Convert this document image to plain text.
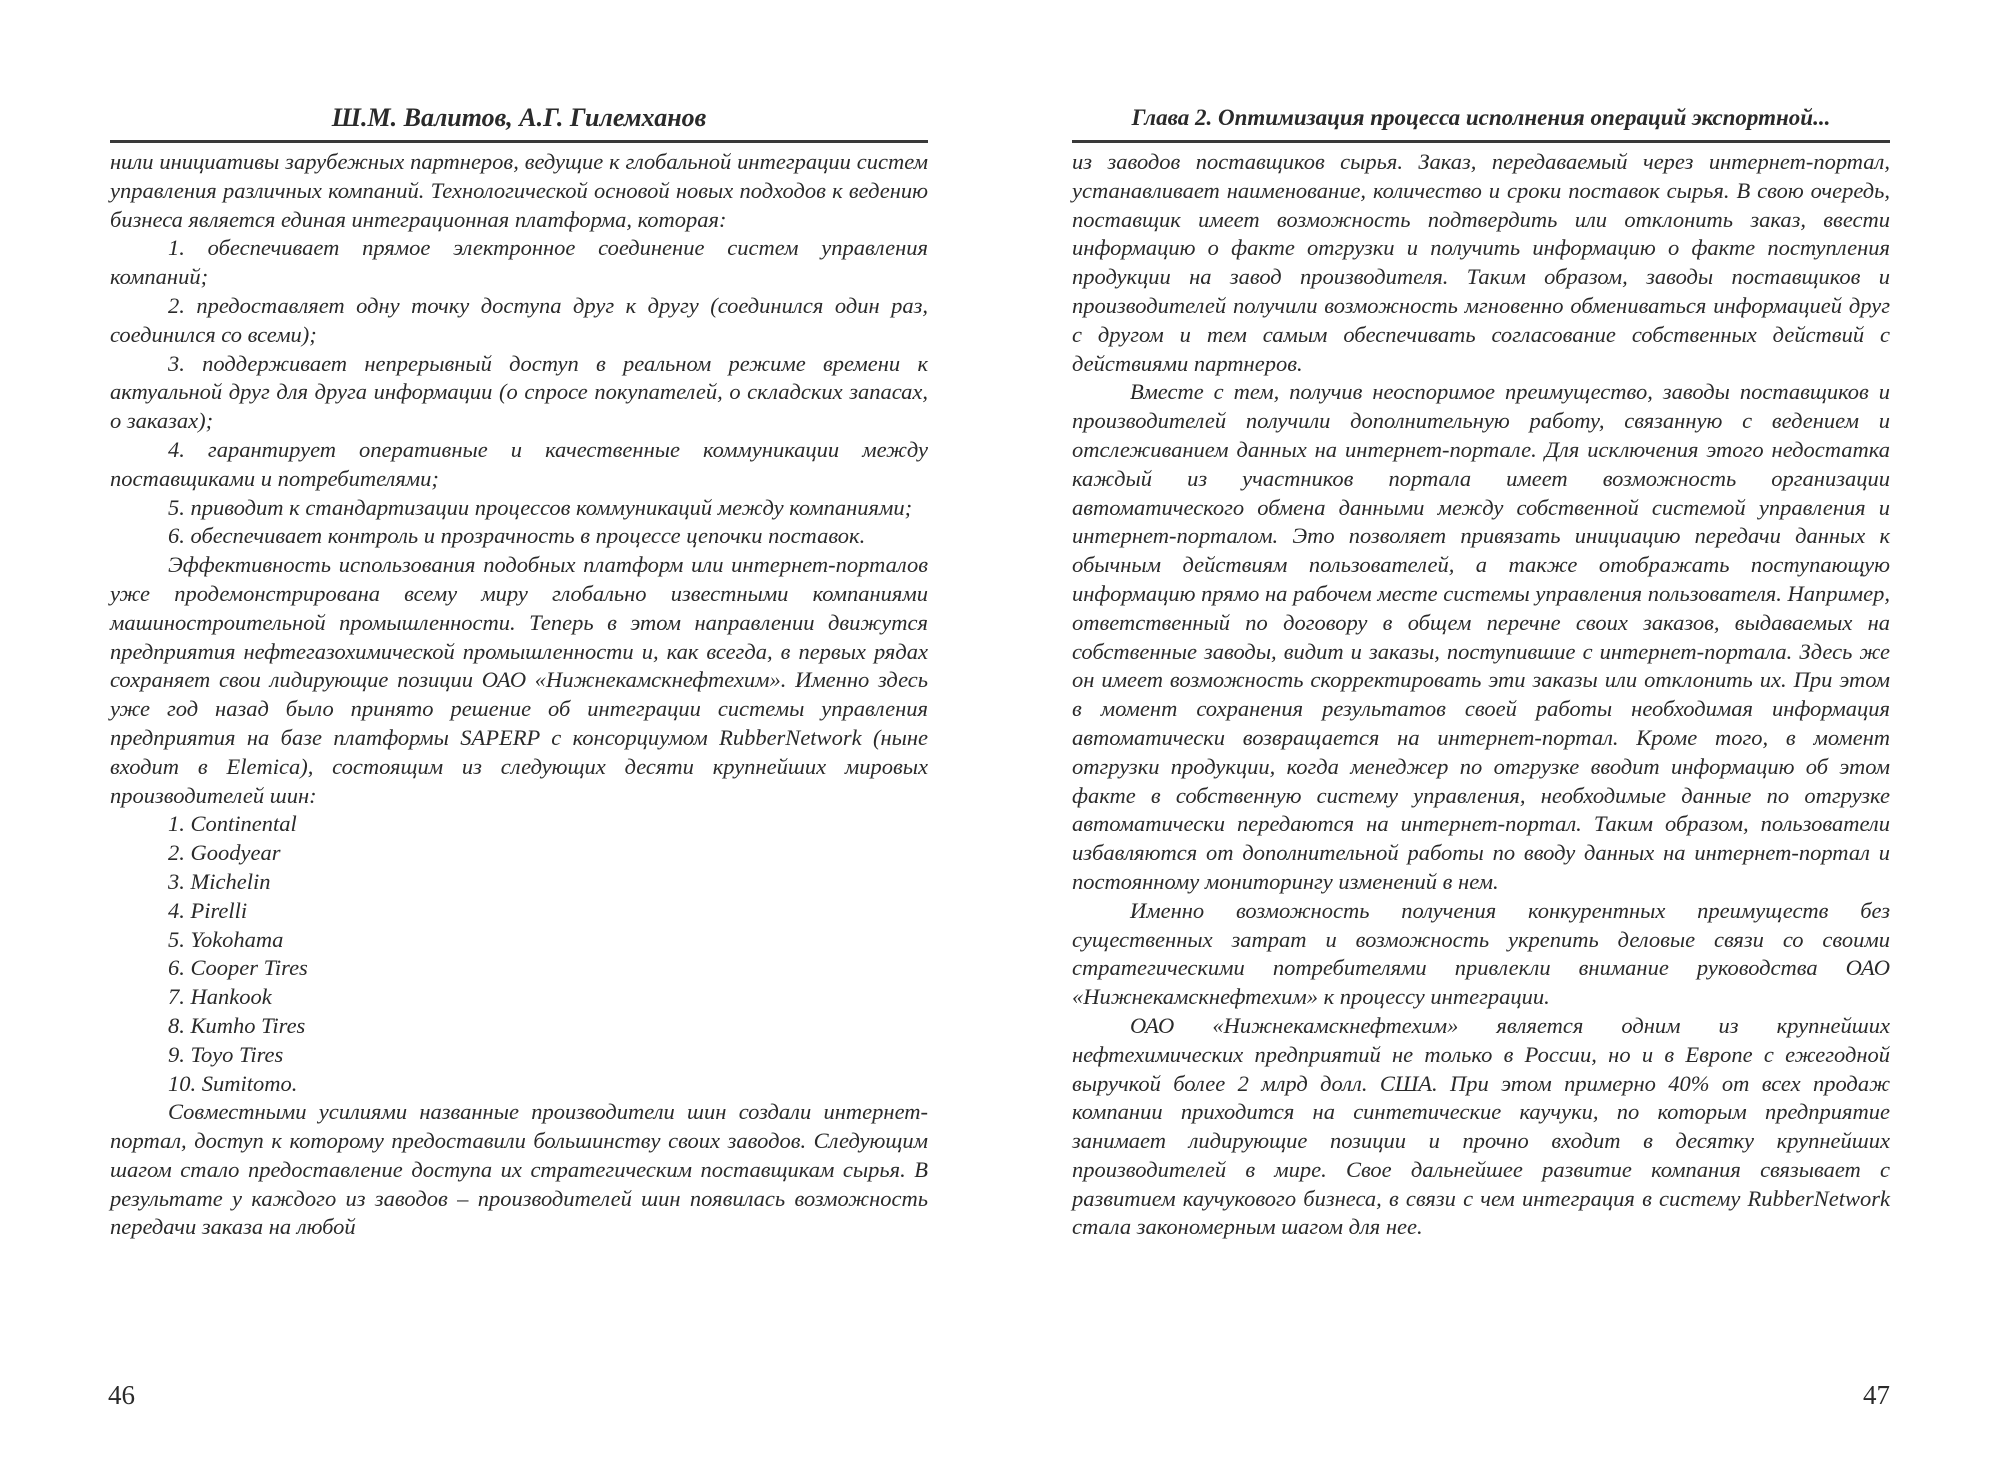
Ш.М. Валитов, А.Г. Гилемханов

нили инициативы зарубежных партнеров, ведущие к глобальной интеграции систем управления различных компаний. Технологической основой новых подходов к ведению бизнеса является единая интеграционная платформа, которая:

1. обеспечивает прямое электронное соединение систем управления компаний;

2. предоставляет одну точку доступа друг к другу (соединился один раз, соединился со всеми);

3. поддерживает непрерывный доступ в реальном режиме времени к актуальной друг для друга информации (о спросе покупателей, о складских запасах, о заказах);

4. гарантирует оперативные и качественные коммуникации между поставщиками и потребителями;

5. приводит к стандартизации процессов коммуникаций между компаниями;

6. обеспечивает контроль и прозрачность в процессе цепочки поставок.

Эффективность использования подобных платформ или интернет-порталов уже продемонстрирована всему миру глобально известными компаниями машиностроительной промышленности. Теперь в этом направлении движутся предприятия нефтегазохимической промышленности и, как всегда, в первых рядах сохраняет свои лидирующие позиции ОАО «Нижнекамскнефтехим». Именно здесь уже год назад было принято решение об интеграции системы управления предприятия на базе платформы SAPERP с консорциумом RubberNetwork (ныне входит в Elemica), состоящим из следующих десяти крупнейших мировых производителей шин:

1. Continental
2. Goodyear
3. Michelin
4. Pirelli
5. Yokohama
6. Cooper Tires
7. Hankook
8. Kumho Tires
9. Toyo Tires
10. Sumitomo.

Совместными усилиями названные производители шин создали интернет-портал, доступ к которому предоставили большинству своих заводов. Следующим шагом стало предоставление доступа их стратегическим поставщикам сырья. В результате у каждого из заводов – производителей шин появилась возможность передачи заказа на любой

46
Глава 2. Оптимизация процесса исполнения операций экспортной...

из заводов поставщиков сырья. Заказ, передаваемый через интернет-портал, устанавливает наименование, количество и сроки поставок сырья. В свою очередь, поставщик имеет возможность подтвердить или отклонить заказ, ввести информацию о факте отгрузки и получить информацию о факте поступления продукции на завод производителя. Таким образом, заводы поставщиков и производителей получили возможность мгновенно обмениваться информацией друг с другом и тем самым обеспечивать согласование собственных действий с действиями партнеров.

Вместе с тем, получив неоспоримое преимущество, заводы поставщиков и производителей получили дополнительную работу, связанную с ведением и отслеживанием данных на интернет-портале. Для исключения этого недостатка каждый из участников портала имеет возможность организации автоматического обмена данными между собственной системой управления и интернет-порталом. Это позволяет привязать инициацию передачи данных к обычным действиям пользователей, а также отображать поступающую информацию прямо на рабочем месте системы управления пользователя. Например, ответственный по договору в общем перечне своих заказов, выдаваемых на собственные заводы, видит и заказы, поступившие с интернет-портала. Здесь же он имеет возможность скорректировать эти заказы или отклонить их. При этом в момент сохранения результатов своей работы необходимая информация автоматически возвращается на интернет-портал. Кроме того, в момент отгрузки продукции, когда менеджер по отгрузке вводит информацию об этом факте в собственную систему управления, необходимые данные по отгрузке автоматически передаются на интернет-портал. Таким образом, пользователи избавляются от дополнительной работы по вводу данных на интернет-портал и постоянному мониторингу изменений в нем.

Именно возможность получения конкурентных преимуществ без существенных затрат и возможность укрепить деловые связи со своими стратегическими потребителями привлекли внимание руководства ОАО «Нижнекамскнефтехим» к процессу интеграции.

ОАО «Нижнекамскнефтехим» является одним из крупнейших нефтехимических предприятий не только в России, но и в Европе с ежегодной выручкой более 2 млрд долл. США. При этом примерно 40% от всех продаж компании приходится на синтетические каучуки, по которым предприятие занимает лидирующие позиции и прочно входит в десятку крупнейших производителей в мире. Свое дальнейшее развитие компания связывает с развитием каучукового бизнеса, в связи с чем интеграция в систему RubberNetwork стала закономерным шагом для нее.

47
